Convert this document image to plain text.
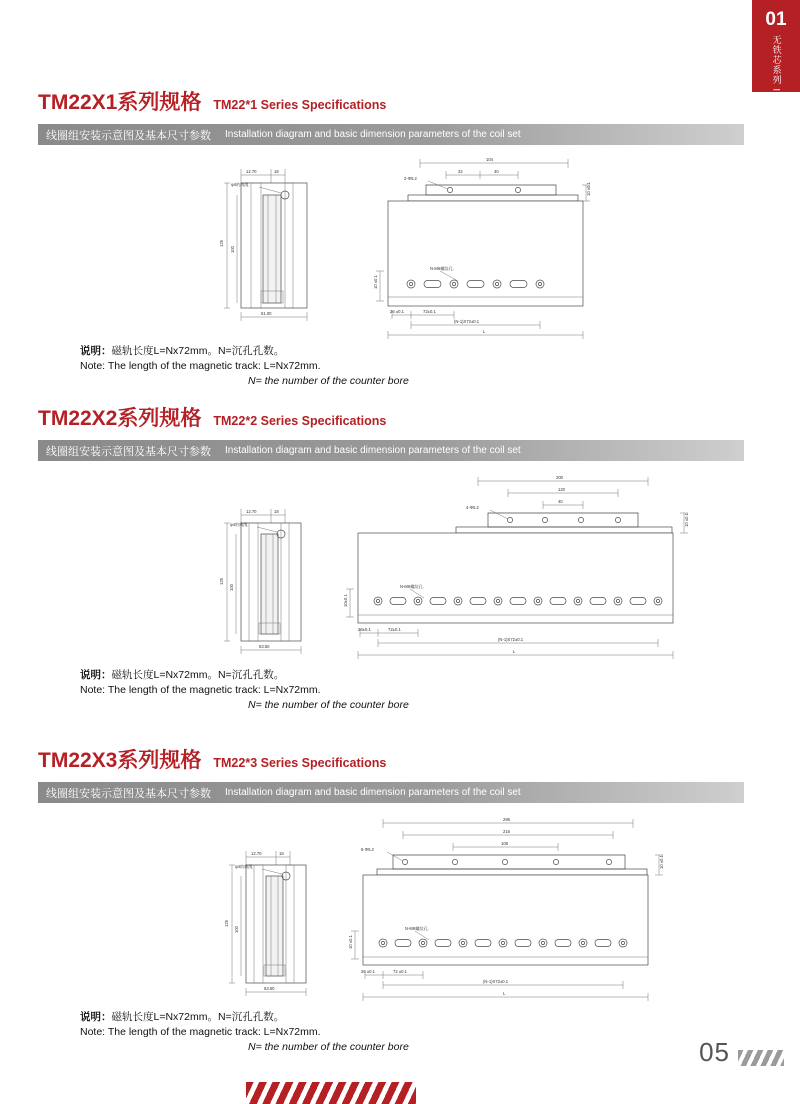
01
无铁芯系列 Ironless Series
TM22X1系列规格 TM22*1 Series Specifications
线圈组安装示意图及基本尺寸参数 Installation diagram and basic dimension parameters of the coil set
12.70	18
φ4的线缆
125
100
61.00
104
32	40
2-Φ5.2
10 ±0.1
N-M6螺纹孔.
10 ±0.1
26 ±0.1	72±0.1
(N-1)X72±0.1
L
说明：磁轨长度L=Nx72mm。N=沉孔孔数。
Note: The length of the magnetic track: L=Nx72mm.
N= the number of the counter bore
TM22X2系列规格 TM22*2 Series Specifications
线圈组安装示意图及基本尺寸参数 Installation diagram and basic dimension parameters of the coil set
12.70	18
φ4的线缆
125
100
53.50
200
120
40
4-Φ5.2
10 ±0.1
N-M6螺纹孔.
10±0.1
26±0.1	72±0.1
(N-1)X72±0.1
L
说明：磁轨长度L=Nx72mm。N=沉孔孔数。
Note: The length of the magnetic track: L=Nx72mm.
N= the number of the counter bore
TM22X3系列规格 TM22*3 Series Specifications
线圈组安装示意图及基本尺寸参数 Installation diagram and basic dimension parameters of the coil set
12.70	18
φ4的线缆
125
100
53.50
296
216
108
5-Φ5.2
10 ±0.1
N-M6螺纹孔.
10 ±0.1
26 ±0.1	72 ±0.1
(N-1)X72±0.1
L
说明：磁轨长度L=Nx72mm。N=沉孔孔数。
Note: The length of the magnetic track: L=Nx72mm.
N= the number of the counter bore	05
